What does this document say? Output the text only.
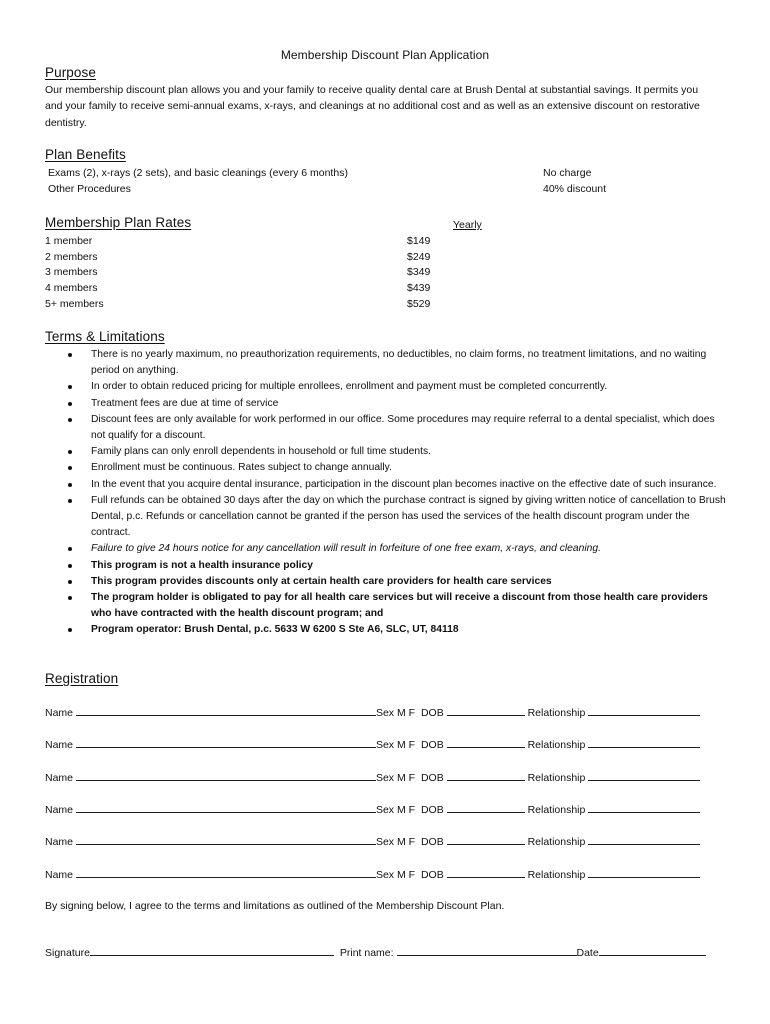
Membership Discount Plan Application
Purpose
Our membership discount plan allows you and your family to receive quality dental care at Brush Dental at substantial savings. It permits you and your family to receive semi-annual exams, x-rays, and cleanings at no additional cost and as well as an extensive discount on restorative dentistry.
Plan Benefits
Exams (2), x-rays (2 sets), and basic cleanings (every 6 months)	No charge
Other Procedures	40% discount
Membership Plan Rates	Yearly
1 member	$149
2 members	$249
3 members	$349
4 members	$439
5+ members	$529
Terms & Limitations
There is no yearly maximum, no preauthorization requirements, no deductibles, no claim forms, no treatment limitations, and no waiting period on anything.
In order to obtain reduced pricing for multiple enrollees, enrollment and payment must be completed concurrently.
Treatment fees are due at time of service
Discount fees are only available for work performed in our office. Some procedures may require referral to a dental specialist, which does not qualify for a discount.
Family plans can only enroll dependents in household or full time students.
Enrollment must be continuous. Rates subject to change annually.
In the event that you acquire dental insurance, participation in the discount plan becomes inactive on the effective date of such insurance.
Full refunds can be obtained 30 days after the day on which the purchase contract is signed by giving written notice of cancellation to Brush Dental, p.c. Refunds or cancellation cannot be granted if the person has used the services of the health discount program under the contract.
Failure to give 24 hours notice for any cancellation will result in forfeiture of one free exam, x-rays, and cleaning.
This program is not a health insurance policy
This program provides discounts only at certain health care providers for health care services
The program holder is obligated to pay for all health care services but will receive a discount from those health care providers who have contracted with the health discount program; and
Program operator: Brush Dental, p.c. 5633 W 6200 S Ste A6, SLC, UT, 84118
Registration
Name	Sex M F DOB	Relationship
Name	Sex M F DOB	Relationship
Name	Sex M F DOB	Relationship
Name	Sex M F DOB	Relationship
Name	Sex M F DOB	Relationship
Name	Sex M F DOB	Relationship
By signing below, I agree to the terms and limitations as outlined of the Membership Discount Plan.
Signature	Print name:	Date
